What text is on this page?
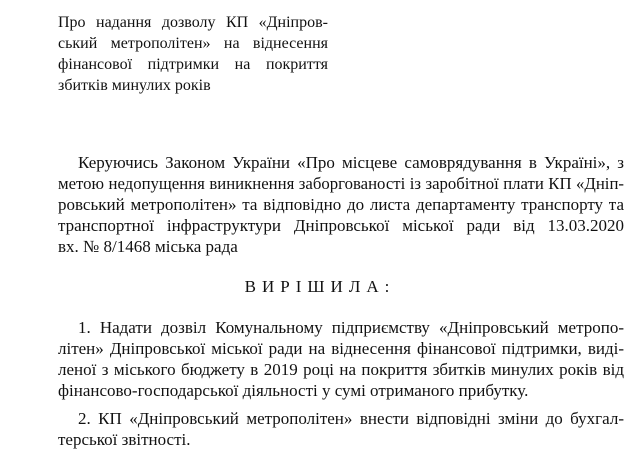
Про надання дозволу КП «Дніпров-
ський метрополітен» на віднесення
фінансової підтримки на покриття
збитків минулих років
Керуючись Законом України «Про місцеве самоврядування в Україні», з
метою недопущення виникнення заборгованості із заробітної плати КП «Дніп-
ровський метрополітен» та відповідно до листа департаменту транспорту та
транспортної інфраструктури Дніпровської міської ради від 13.03.2020
вх. № 8/1468 міська рада
ВИРІШИЛА:
1. Надати дозвіл Комунальному підприємству «Дніпровський метропо-
літен» Дніпровської міської ради на віднесення фінансової підтримки, виді-
леної з міського бюджету в 2019 році на покриття збитків минулих років від
фінансово-господарської діяльності у сумі отриманого прибутку.
2. КП «Дніпровський метрополітен» внести відповідні зміни до бухгал-
терської звітності.
